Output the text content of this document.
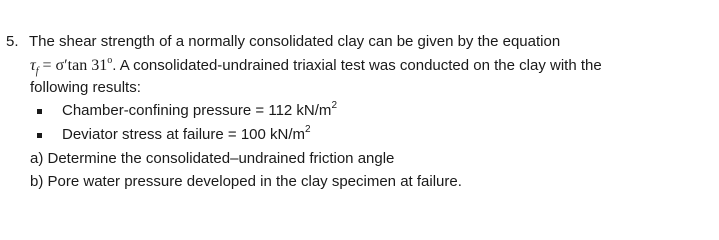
5. The shear strength of a normally consolidated clay can be given by the equation
$\tau_f = \sigma'\tan$ 31$^o$. A consolidated-undrained triaxial test was conducted on the clay with the
following results:
Chamber-confining pressure = 112 $kN/m^2$
Deviator stress at failure = 100 $kN/m^2$
a) Determine the consolidated–undrained friction angle
b) Pore water pressure developed in the clay specimen at failure.
